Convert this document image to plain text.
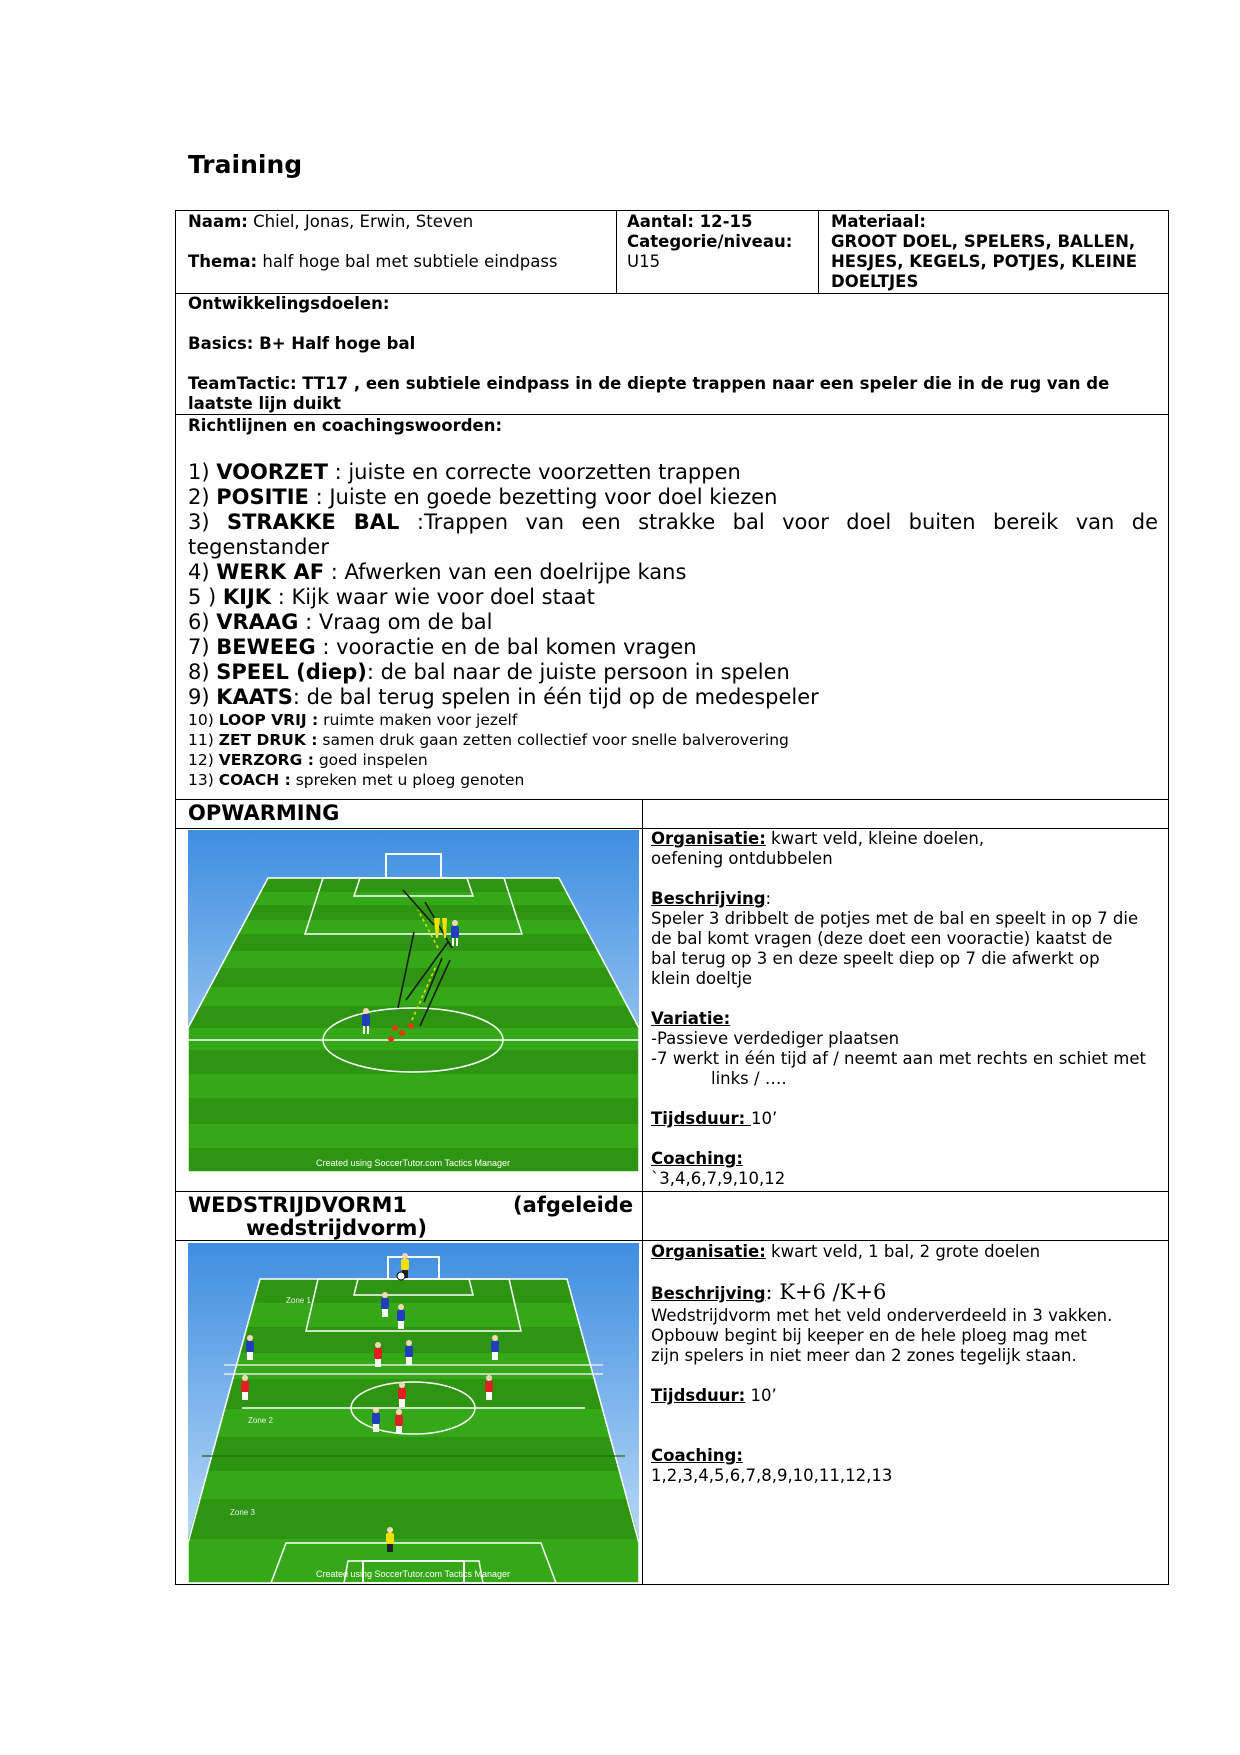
Training
Naam: Chiel, Jonas, Erwin, Steven
Thema: half hoge bal met subtiele eindpass
Aantal: 12-15
Categorie/niveau:
U15
Materiaal:
GROOT DOEL, SPELERS, BALLEN, HESJES, KEGELS, POTJES, KLEINE DOELTJES
Ontwikkelingsdoelen:
Basics: B+ Half hoge bal
TeamTactic: TT17 , een subtiele eindpass in de diepte trappen naar een speler die in de rug van de laatste lijn duikt
Richtlijnen en coachingswoorden:
1) VOORZET : juiste en correcte voorzetten trappen
2) POSITIE : Juiste en goede bezetting voor doel kiezen
3) STRAKKE BAL :Trappen van een strakke bal voor doel buiten bereik van de tegenstander
4) WERK AF : Afwerken van een doelrijpe kans
5 ) KIJK : Kijk waar wie voor doel staat
6) VRAAG : Vraag om de bal
7) BEWEEG : vooractie en de bal komen vragen
8) SPEEL (diep): de bal naar de juiste persoon in spelen
9) KAATS: de bal terug spelen in één tijd op de medespeler
10) LOOP VRIJ : ruimte maken voor jezelf
11) ZET DRUK : samen druk gaan zetten collectief voor snelle balverovering
12) VERZORG : goed inspelen
13) COACH : spreken met u ploeg genoten
OPWARMING
Created using SoccerTutor.com Tactics Manager
Organisatie: kwart veld, kleine doelen,
oefening ontdubbelen
Beschrijving:
Speler 3 dribbelt de potjes met de bal en speelt in op 7 die
de bal komt vragen (deze doet een vooractie) kaatst de
bal terug op 3 en deze speelt diep op 7 die afwerkt op
klein doeltje
Variatie:
-Passieve verdediger plaatsen
-7 werkt in één tijd af / neemt aan met rechts en schiet met
links / ….
Tijdsduur: 10’
Coaching:
`3,4,6,7,9,10,12
WEDSTRIJDVORM1	(afgeleide
wedstrijdvorm)
Zone 1
Zone 2
Zone 3
Created using SoccerTutor.com Tactics Manager
Organisatie: kwart veld, 1 bal, 2 grote doelen
Beschrijving: K+6 /K+6
Wedstrijdvorm met het veld onderverdeeld in 3 vakken.
Opbouw begint bij keeper en de hele ploeg mag met
zijn spelers in niet meer dan 2 zones tegelijk staan.
Tijdsduur: 10’
Coaching:
1,2,3,4,5,6,7,8,9,10,11,12,13
